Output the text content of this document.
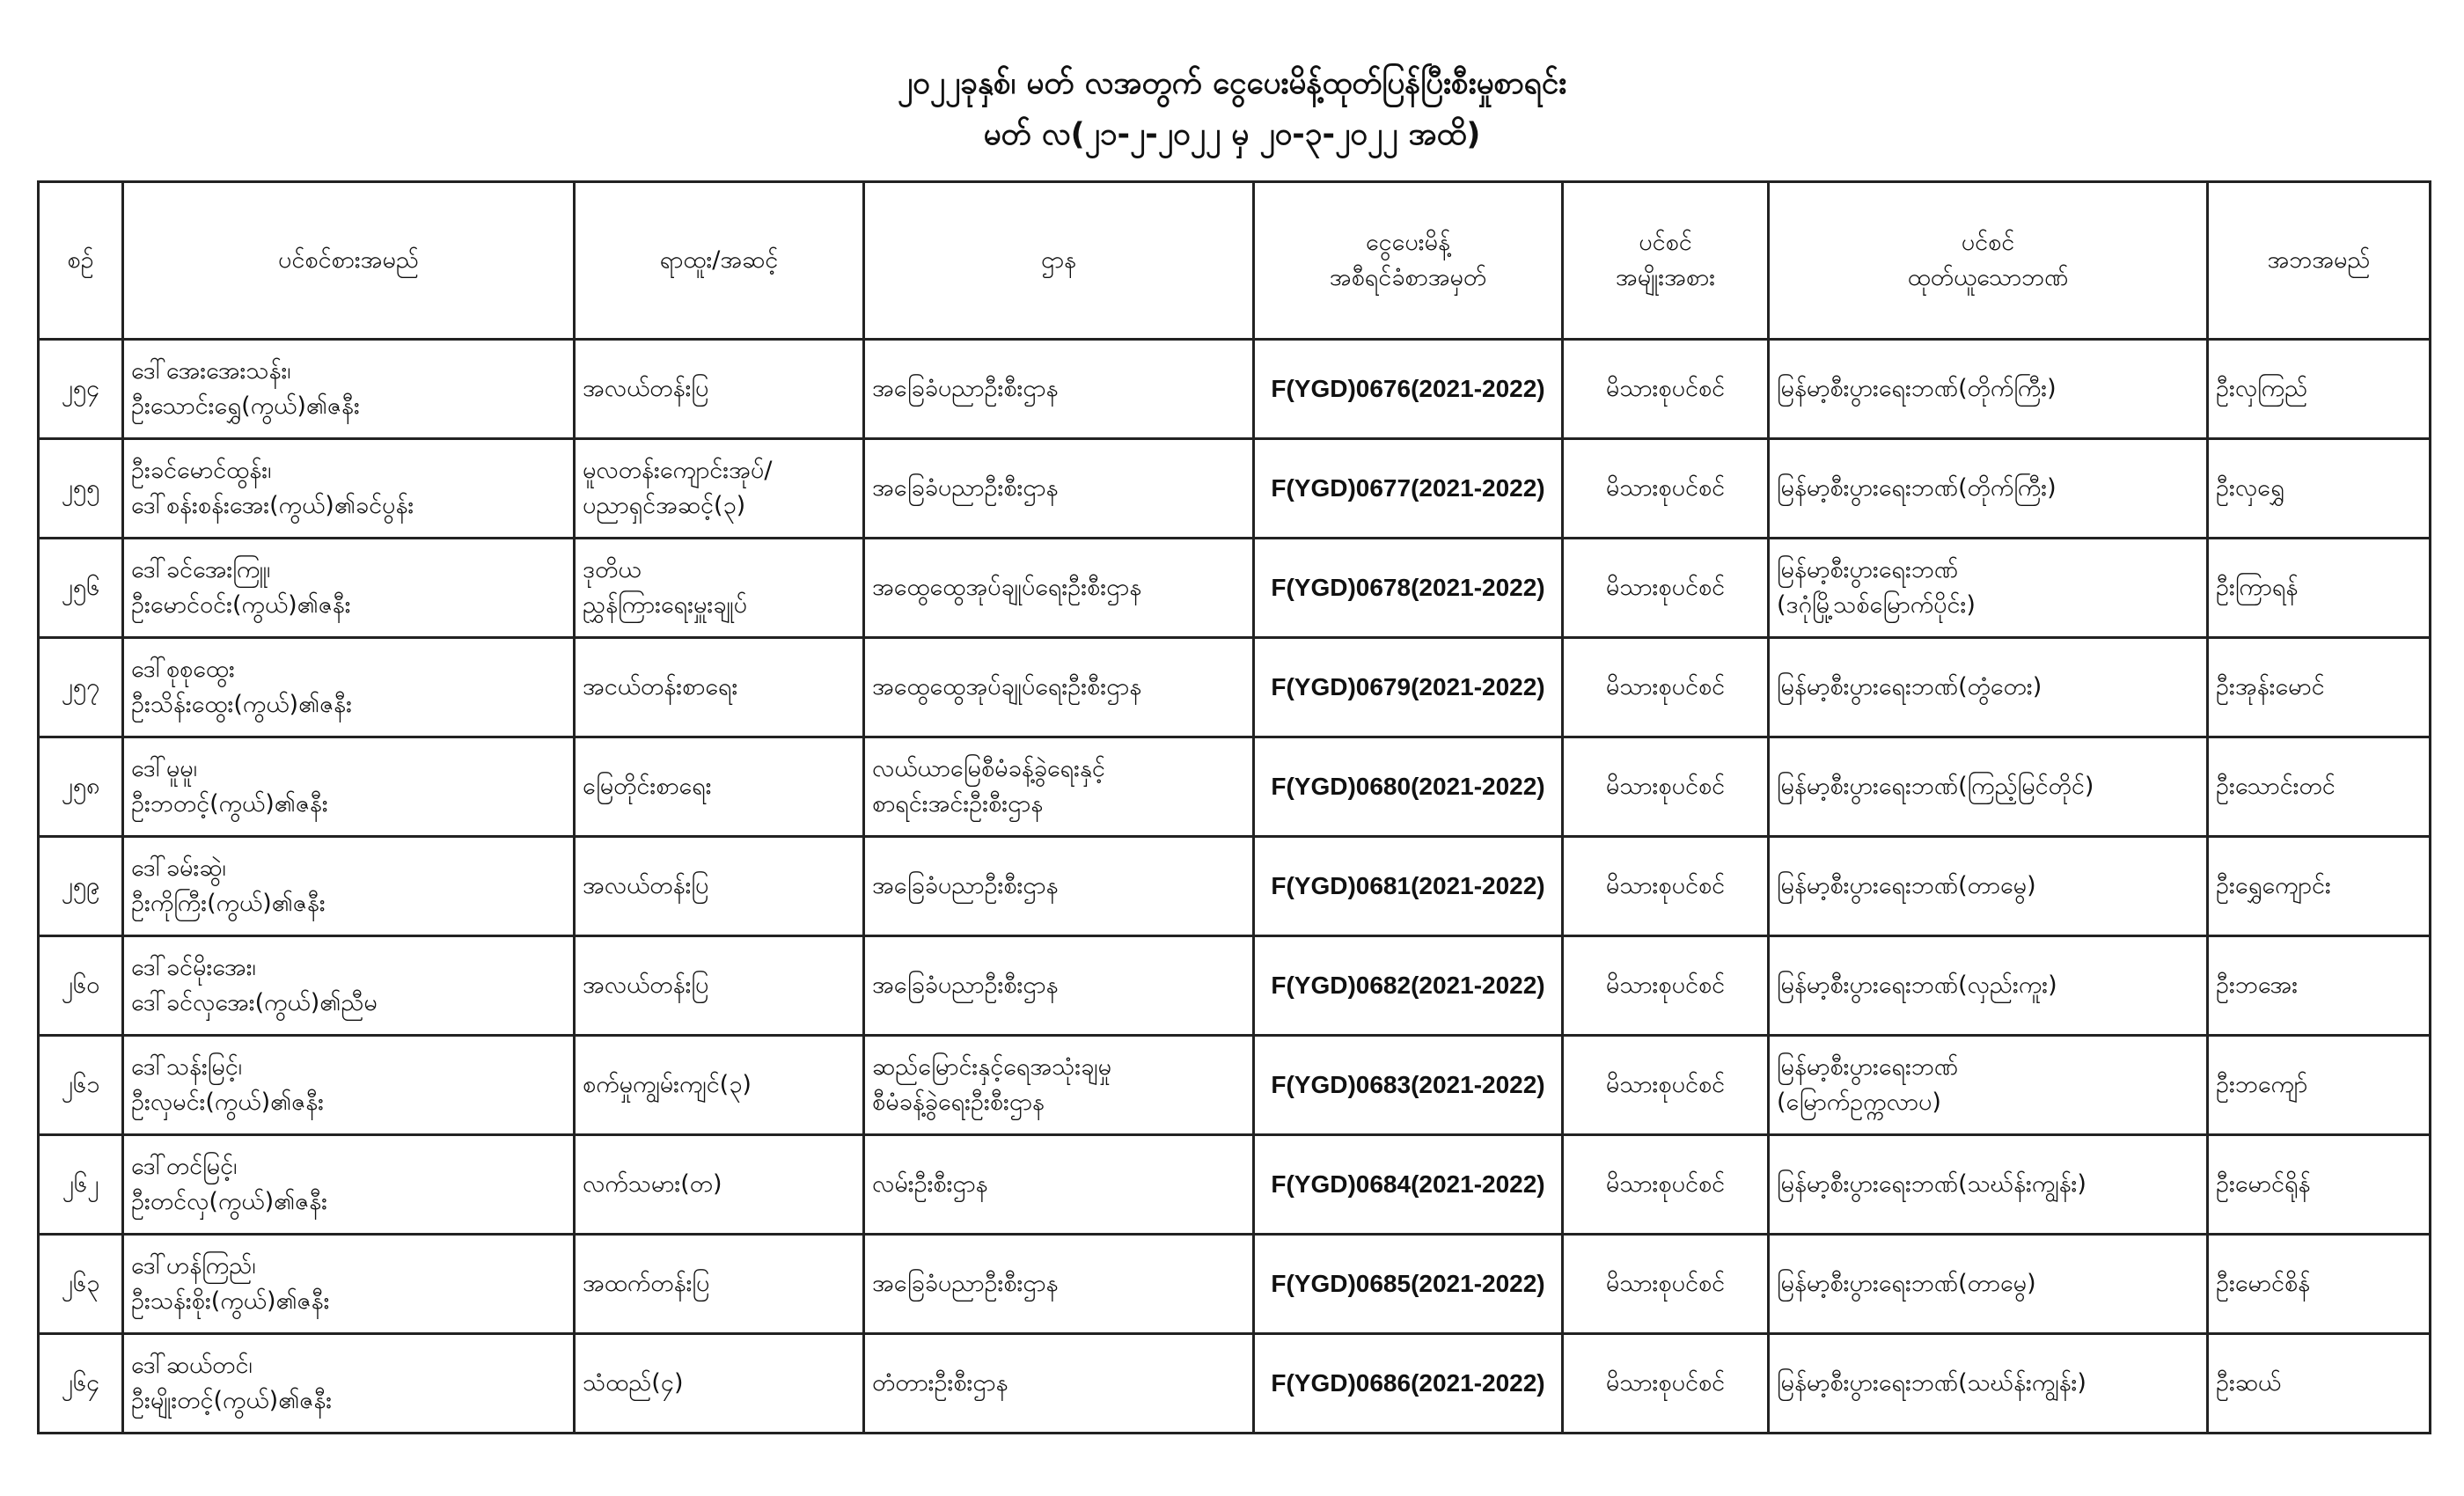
၂၀၂၂ခုနှစ်၊ မတ် လအတွက် ငွေပေးမိန့်ထုတ်ပြန်ပြီးစီးမှုစာရင်း
မတ် လ(၂၁-၂-၂၀၂၂ မှ ၂၀-၃-၂၀၂၂ အထိ)
စဉ်	ပင်စင်စားအမည်	ရာထူး/အဆင့်	ဌာန	ငွေပေးမိန့်
အစီရင်ခံစာအမှတ်	ပင်စင်
အမျိုးအစား	ပင်စင်
ထုတ်ယူသောဘဏ်	အဘအမည်
၂၅၄	ဒေါ်အေးအေးသန်း၊
ဦးသောင်းရွှေ(ကွယ်)၏ဇနီး	အလယ်တန်းပြ	အခြေခံပညာဦးစီးဌာန	F(YGD)0676(2021-2022)	မိသားစုပင်စင်	မြန်မာ့စီးပွားရေးဘဏ်(တိုက်ကြီး)	ဦးလှကြည်
၂၅၅	ဦးခင်မောင်ထွန်း၊
ဒေါ်စန်းစန်းအေး(ကွယ်)၏ခင်ပွန်း	မူလတန်းကျောင်းအုပ်/
ပညာရှင်အဆင့်(၃)	အခြေခံပညာဦးစီးဌာန	F(YGD)0677(2021-2022)	မိသားစုပင်စင်	မြန်မာ့စီးပွားရေးဘဏ်(တိုက်ကြီး)	ဦးလှရွှေ
၂၅၆	ဒေါ်ခင်အေးကြူ၊
ဦးမောင်ဝင်း(ကွယ်)၏ဇနီး	ဒုတိယ
ညွှန်ကြားရေးမှူးချုပ်	အထွေထွေအုပ်ချုပ်ရေးဦးစီးဌာန	F(YGD)0678(2021-2022)	မိသားစုပင်စင်	မြန်မာ့စီးပွားရေးဘဏ်
(ဒဂုံမြို့သစ်မြောက်ပိုင်း)	ဦးကြာရန်
၂၅၇	ဒေါ်စုစုထွေး
ဦးသိန်းထွေး(ကွယ်)၏ဇနီး	အငယ်တန်းစာရေး	အထွေထွေအုပ်ချုပ်ရေးဦးစီးဌာန	F(YGD)0679(2021-2022)	မိသားစုပင်စင်	မြန်မာ့စီးပွားရေးဘဏ်(တွံတေး)	ဦးအုန်းမောင်
၂၅၈	ဒေါ်မူမူ၊
ဦးဘတင့်(ကွယ်)၏ဇနီး	မြေတိုင်းစာရေး	လယ်ယာမြေစီမံခန့်ခွဲရေးနှင့်
စာရင်းအင်းဦးစီးဌာန	F(YGD)0680(2021-2022)	မိသားစုပင်စင်	မြန်မာ့စီးပွားရေးဘဏ်(ကြည့်မြင်တိုင်)	ဦးသောင်းတင်
၂၅၉	ဒေါ်ခမ်းဆွဲ၊
ဦးကိုကြီး(ကွယ်)၏ဇနီး	အလယ်တန်းပြ	အခြေခံပညာဦးစီးဌာန	F(YGD)0681(2021-2022)	မိသားစုပင်စင်	မြန်မာ့စီးပွားရေးဘဏ်(တာမွေ)	ဦးရွှေကျောင်း
၂၆၀	ဒေါ်ခင်မိုးအေး၊
ဒေါ်ခင်လှအေး(ကွယ်)၏ညီမ	အလယ်တန်းပြ	အခြေခံပညာဦးစီးဌာန	F(YGD)0682(2021-2022)	မိသားစုပင်စင်	မြန်မာ့စီးပွားရေးဘဏ်(လှည်းကူး)	ဦးဘအေး
၂၆၁	ဒေါ်သန်းမြင့်၊
ဦးလှမင်း(ကွယ်)၏ဇနီး	စက်မှုကျွမ်းကျင်(၃)	ဆည်မြောင်းနှင့်ရေအသုံးချမှု
စီမံခန့်ခွဲရေးဦးစီးဌာန	F(YGD)0683(2021-2022)	မိသားစုပင်စင်	မြန်မာ့စီးပွားရေးဘဏ်
(မြောက်ဥက္ကလာပ)	ဦးဘကျော်
၂၆၂	ဒေါ်တင်မြင့်၊
ဦးတင်လှ(ကွယ်)၏ဇနီး	လက်သမား(တ)	လမ်းဦးစီးဌာန	F(YGD)0684(2021-2022)	မိသားစုပင်စင်	မြန်မာ့စီးပွားရေးဘဏ်(သဃ်န်းကျွန်း)	ဦးမောင်ရိုန်
၂၆၃	ဒေါ်ဟန်ကြည်၊
ဦးသန်းစိုး(ကွယ်)၏ဇနီး	အထက်တန်းပြ	အခြေခံပညာဦးစီးဌာန	F(YGD)0685(2021-2022)	မိသားစုပင်စင်	မြန်မာ့စီးပွားရေးဘဏ်(တာမွေ)	ဦးမောင်စိန်
၂၆၄	ဒေါ်ဆယ်တင်၊
ဦးမျိုးတင့်(ကွယ်)၏ဇနီး	သံထည်(၄)	တံတားဦးစီးဌာန	F(YGD)0686(2021-2022)	မိသားစုပင်စင်	မြန်မာ့စီးပွားရေးဘဏ်(သဃ်န်းကျွန်း)	ဦးဆယ်
